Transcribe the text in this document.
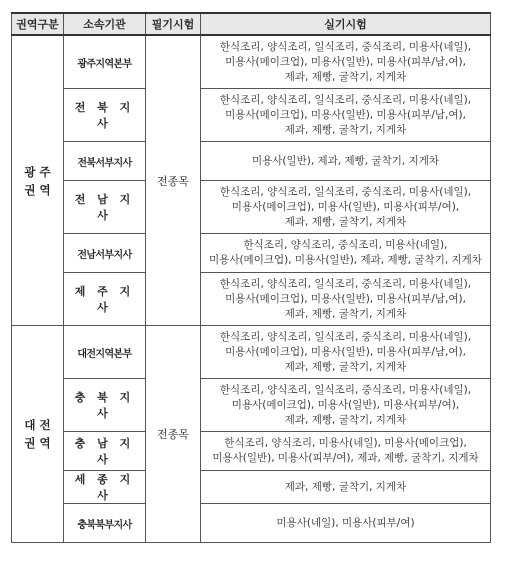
권역구분	소속기관	필기시험	실기시험

광 주
권 역	광주지역본부	전종목	한식조리, 양식조리, 일식조리, 중식조리, 미용사(네일),
미용사(메이크업), 미용사(일반), 미용사(피부/남,여),
제과, 제빵, 굴착기, 지게차

	전 북 지 사		한식조리, 양식조리, 일식조리, 중식조리, 미용사(네일),
미용사(메이크업), 미용사(일반), 미용사(피부/남,여),
제과, 제빵, 굴착기, 지게차

	전북서부지사		미용사(일반), 제과, 제빵, 굴착기, 지게차
	전 남 지 사		한식조리, 양식조리, 일식조리, 중식조리, 미용사(네일),
미용사(메이크업), 미용사(일반), 미용사(피부/여),
제과, 제빵, 굴착기, 지게차

	전남서부지사		한식조리, 양식조리, 중식조리, 미용사(네일),
미용사(메이크업), 미용사(일반), 제과, 제빵, 굴착기, 지게차

	제 주 지 사		한식조리, 양식조리, 일식조리, 중식조리, 미용사(네일),
미용사(메이크업), 미용사(일반), 미용사(피부/남,여),
제과, 제빵, 굴착기, 지게차

대 전
권 역	대전지역본부	전종목	한식조리, 양식조리, 일식조리, 중식조리, 미용사(네일),
미용사(메이크업), 미용사(일반), 미용사(피부/남,여),
제과, 제빵, 굴착기, 지게차

	충 북 지 사		한식조리, 양식조리, 일식조리, 중식조리, 미용사(네일),
미용사(메이크업), 미용사(일반), 미용사(피부/여),
제과, 제빵, 굴착기, 지게차

	충 남 지 사		한식조리, 양식조리, 미용사(네일), 미용사(메이크업),
미용사(일반), 미용사(피부/여), 제과, 제빵, 굴착기, 지게차

	세 종 지 사		제과, 제빵, 굴착기, 지게차
	충북북부지사		미용사(네일), 미용사(피부/여)
